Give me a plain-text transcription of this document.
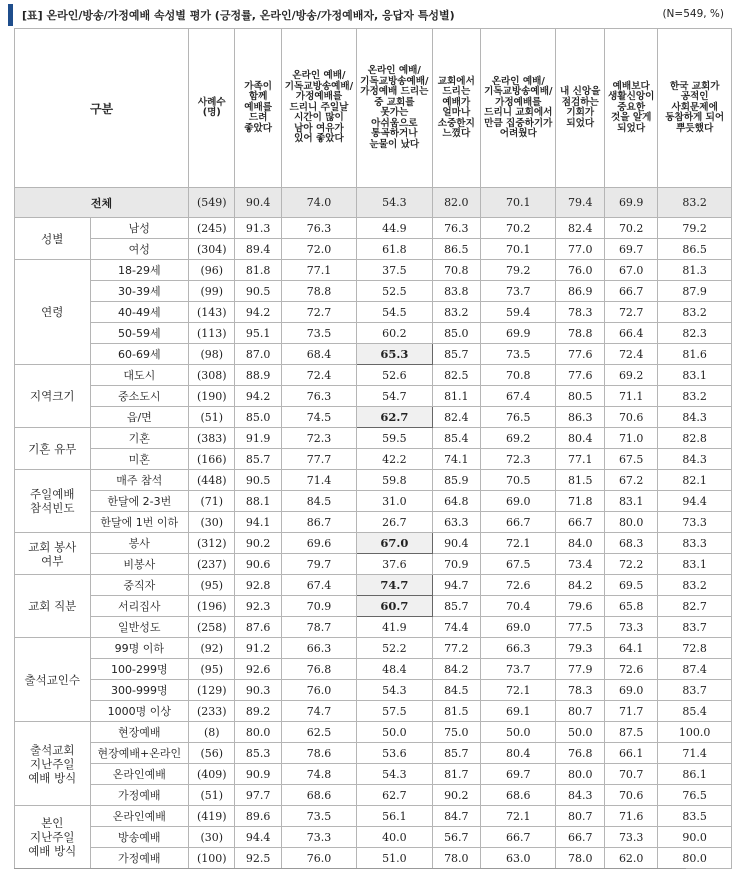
[표] 온라인/방송/가정예배 속성별 평가 (긍정률, 온라인/방송/가정예배자, 응답자 특성별)	(N=549, %)
구분		사례수 (명)	가족이 함께 예배를 드려 좋았다	온라인 예배/기독교방송예배/가정예배를 드리니 주일날 시간이 많이 남아 여유가 있어 좋았다	온라인 예배/기독교방송예배/가정예배 드리는 중 교회를 못가는 아쉬움으로 통곡하거나 눈물이 났다	교회에서 드리는 예배가 얼마나 소중한지 느꼈다	온라인 예배/기독교방송예배/가정예배를 드리니 교회에서 만큼 집중하기가 어려웠다	내 신앙을 점검하는 기회가 되었다	예배보다 생활신앙이 중요한 것을 알게 되었다	한국 교회가 공적인 사회문제에 동참하게 되어 뿌듯했다

전체		(549)	90.4	74.0	54.3	82.0	70.1	79.4	69.9	83.2
성별	남성	(245)	91.3	76.3	44.9	76.3	70.2	82.4	70.2	79.2
	여성	(304)	89.4	72.0	61.8	86.5	70.1	77.0	69.7	86.5
연령	18-29세	(96)	81.8	77.1	37.5	70.8	79.2	76.0	67.0	81.3
	30-39세	(99)	90.5	78.8	52.5	83.8	73.7	86.9	66.7	87.9
	40-49세	(143)	94.2	72.7	54.5	83.2	59.4	78.3	72.7	83.2
	50-59세	(113)	95.1	73.5	60.2	85.0	69.9	78.8	66.4	82.3
	60-69세	(98)	87.0	68.4	65.3	85.7	73.5	77.6	72.4	81.6
지역크기	대도시	(308)	88.9	72.4	52.6	82.5	70.8	77.6	69.2	83.1
	중소도시	(190)	94.2	76.3	54.7	81.1	67.4	80.5	71.1	83.2
	읍/면	(51)	85.0	74.5	62.7	82.4	76.5	86.3	70.6	84.3
기혼 유무	기혼	(383)	91.9	72.3	59.5	85.4	69.2	80.4	71.0	82.8
	미혼	(166)	85.7	77.7	42.2	74.1	72.3	77.1	67.5	84.3
주일예배 참석빈도	매주 참석	(448)	90.5	71.4	59.8	85.9	70.5	81.5	67.2	82.1
	한달에 2-3번	(71)	88.1	84.5	31.0	64.8	69.0	71.8	83.1	94.4
	한달에 1번 이하	(30)	94.1	86.7	26.7	63.3	66.7	66.7	80.0	73.3
교회 봉사 여부	봉사	(312)	90.2	69.6	67.0	90.4	72.1	84.0	68.3	83.3
	비봉사	(237)	90.6	79.7	37.6	70.9	67.5	73.4	72.2	83.1
교회 직분	중직자	(95)	92.8	67.4	74.7	94.7	72.6	84.2	69.5	83.2
	서리집사	(196)	92.3	70.9	60.7	85.7	70.4	79.6	65.8	82.7
	일반성도	(258)	87.6	78.7	41.9	74.4	69.0	77.5	73.3	83.7
출석교인수	99명 이하	(92)	91.2	66.3	52.2	77.2	66.3	79.3	64.1	72.8
	100-299명	(95)	92.6	76.8	48.4	84.2	73.7	77.9	72.6	87.4
	300-999명	(129)	90.3	76.0	54.3	84.5	72.1	78.3	69.0	83.7
	1000명 이상	(233)	89.2	74.7	57.5	81.5	69.1	80.7	71.7	85.4
출석교회 지난주일 예배 방식	현장예배	(8)	80.0	62.5	50.0	75.0	50.0	50.0	87.5	100.0
	현장예배+온라인	(56)	85.3	78.6	53.6	85.7	80.4	76.8	66.1	71.4
	온라인예배	(409)	90.9	74.8	54.3	81.7	69.7	80.0	70.7	86.1
	가정예배	(51)	97.7	68.6	62.7	90.2	68.6	84.3	70.6	76.5
본인 지난주일 예배 방식	온라인예배	(419)	89.6	73.5	56.1	84.7	72.1	80.7	71.6	83.5
	방송예배	(30)	94.4	73.3	40.0	56.7	66.7	66.7	73.3	90.0
	가정예배	(100)	92.5	76.0	51.0	78.0	63.0	78.0	62.0	80.0
